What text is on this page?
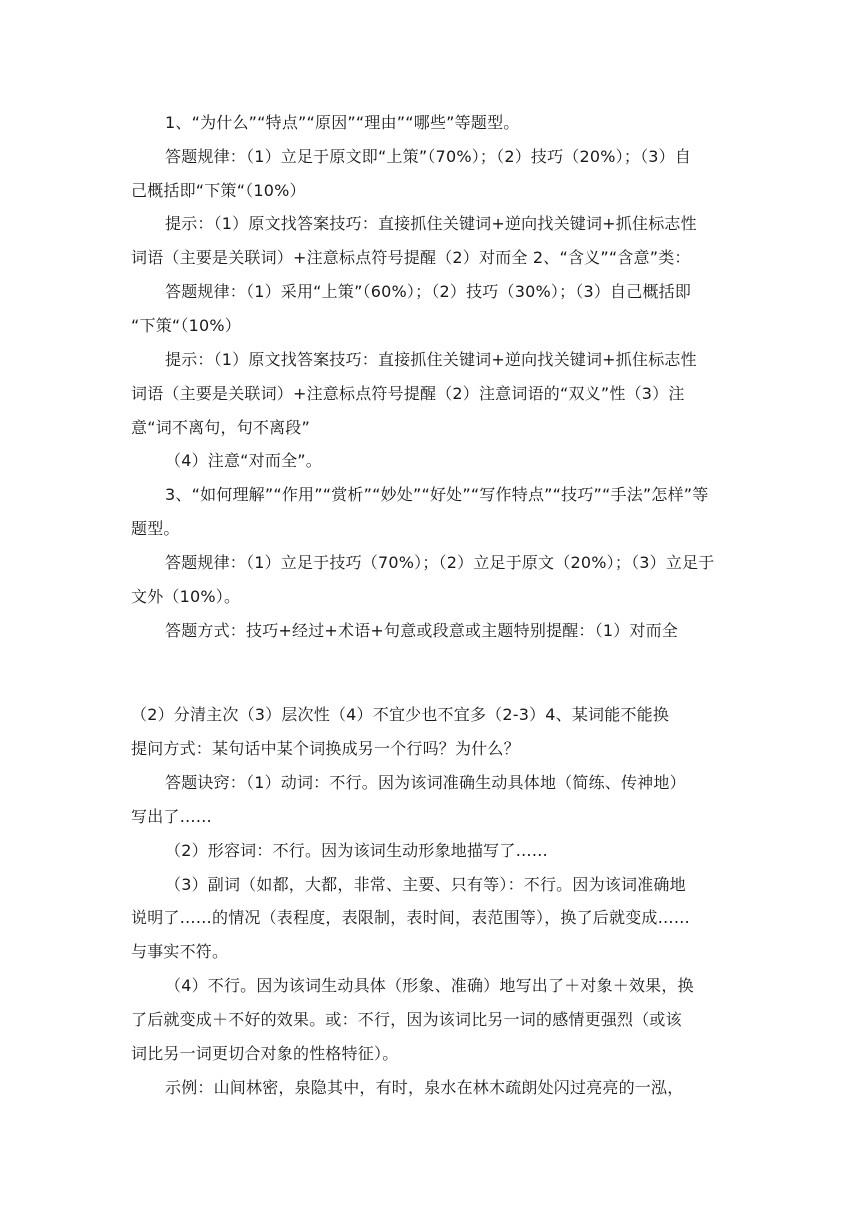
1、“为什么”“特点”“原因”“理由”“哪些”等题型。
答题规律：（1）立足于原文即“上策”（70%）；（2）技巧（20%）；（3）自
己概括即“下策“（10%）
提示：（1）原文找答案技巧：直接抓住关键词+逆向找关键词+抓住标志性
词语（主要是关联词）+注意标点符号提醒（2）对而全 2、“含义”“含意”类：
答题规律：（1）采用“上策”（60%）；（2）技巧（30%）；（3）自己概括即
“下策“（10%）
提示：（1）原文找答案技巧：直接抓住关键词+逆向找关键词+抓住标志性
词语（主要是关联词）+注意标点符号提醒（2）注意词语的“双义”性（3）注
意“词不离句，句不离段”
（4）注意“对而全”。
3、“如何理解”“作用”“赏析”“妙处”“好处”“写作特点”“技巧”“手法”怎样”等
题型。
答题规律：（1）立足于技巧（70%）；（2）立足于原文（20%）；（3）立足于
文外（10%）。
答题方式：技巧+经过+术语+句意或段意或主题特别提醒：（1）对而全
（2）分清主次（3）层次性（4）不宜少也不宜多（2-3）4、某词能不能换
提问方式：某句话中某个词换成另一个行吗？为什么？
答题诀窍：（1）动词：不行。因为该词准确生动具体地（简练、传神地）
写出了……
（2）形容词：不行。因为该词生动形象地描写了……
（3）副词（如都，大都，非常、主要、只有等）：不行。因为该词准确地
说明了……的情况（表程度，表限制，表时间，表范围等），换了后就变成……
与事实不符。
（4）不行。因为该词生动具体（形象、准确）地写出了＋对象＋效果，换
了后就变成＋不好的效果。或：不行，因为该词比另一词的感情更强烈（或该
词比另一词更切合对象的性格特征）。
示例：山间林密，泉隐其中，有时，泉水在林木疏朗处闪过亮亮的一泓，
